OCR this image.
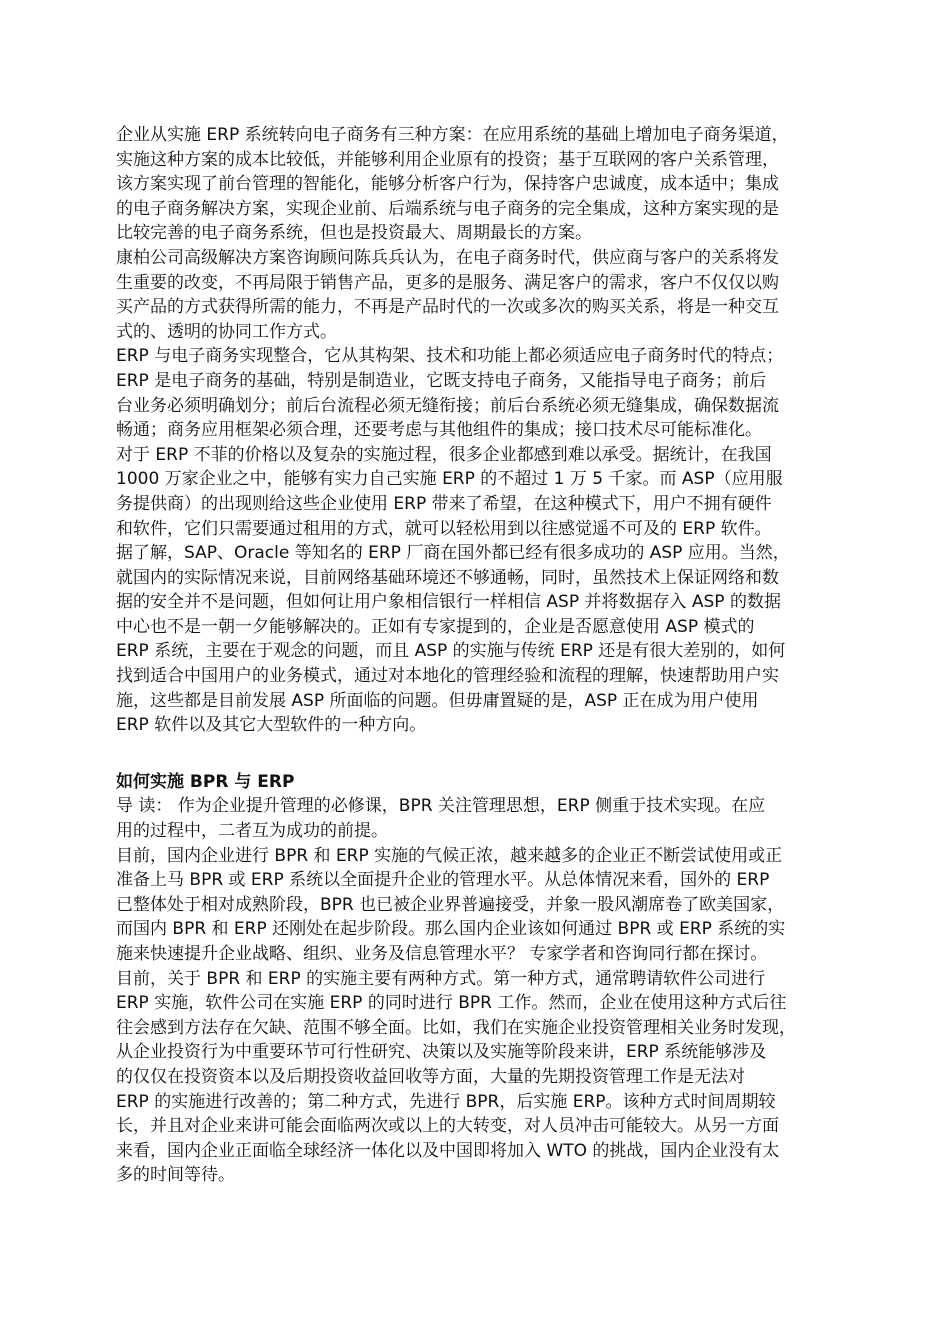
企业从实施 ERP 系统转向电子商务有三种方案：在应用系统的基础上增加电子商务渠道，
实施这种方案的成本比较低，并能够利用企业原有的投资；基于互联网的客户关系管理，
该方案实现了前台管理的智能化，能够分析客户行为，保持客户忠诚度，成本适中；集成
的电子商务解决方案，实现企业前、后端系统与电子商务的完全集成，这种方案实现的是
比较完善的电子商务系统，但也是投资最大、周期最长的方案。

康柏公司高级解决方案咨询顾问陈兵兵认为，在电子商务时代，供应商与客户的关系将发
生重要的改变，不再局限于销售产品，更多的是服务、满足客户的需求，客户不仅仅以购
买产品的方式获得所需的能力，不再是产品时代的一次或多次的购买关系，将是一种交互
式的、透明的协同工作方式。

ERP 与电子商务实现整合，它从其构架、技术和功能上都必须适应电子商务时代的特点；
ERP 是电子商务的基础，特别是制造业，它既支持电子商务，又能指导电子商务；前后
台业务必须明确划分；前后台流程必须无缝衔接；前后台系统必须无缝集成，确保数据流
畅通；商务应用框架必须合理，还要考虑与其他组件的集成；接口技术尽可能标准化。

对于 ERP 不菲的价格以及复杂的实施过程，很多企业都感到难以承受。据统计，在我国
1000 万家企业之中，能够有实力自己实施 ERP 的不超过 1 万 5 千家。而 ASP（应用服
务提供商）的出现则给这些企业使用 ERP 带来了希望，在这种模式下，用户不拥有硬件
和软件，它们只需要通过租用的方式，就可以轻松用到以往感觉遥不可及的 ERP 软件。

据了解，SAP、Oracle 等知名的 ERP 厂商在国外都已经有很多成功的 ASP 应用。当然，
就国内的实际情况来说，目前网络基础环境还不够通畅，同时，虽然技术上保证网络和数
据的安全并不是问题，但如何让用户象相信银行一样相信 ASP 并将数据存入 ASP 的数据
中心也不是一朝一夕能够解决的。正如有专家提到的，企业是否愿意使用 ASP 模式的
ERP 系统，主要在于观念的问题，而且 ASP 的实施与传统 ERP 还是有很大差别的，如何
找到适合中国用户的业务模式，通过对本地化的管理经验和流程的理解，快速帮助用户实
施，这些都是目前发展 ASP 所面临的问题。但毋庸置疑的是，ASP 正在成为用户使用
ERP 软件以及其它大型软件的一种方向。

如何实施 BPR 与 ERP

导 读： 作为企业提升管理的必修课，BPR 关注管理思想，ERP 侧重于技术实现。在应
用的过程中，二者互为成功的前提。

目前，国内企业进行 BPR 和 ERP 实施的气候正浓，越来越多的企业正不断尝试使用或正
准备上马 BPR 或 ERP 系统以全面提升企业的管理水平。从总体情况来看，国外的 ERP
已整体处于相对成熟阶段，BPR 也已被企业界普遍接受，并象一股风潮席卷了欧美国家，
而国内 BPR 和 ERP 还刚处在起步阶段。那么国内企业该如何通过 BPR 或 ERP 系统的实
施来快速提升企业战略、组织、业务及信息管理水平？ 专家学者和咨询同行都在探讨。

目前，关于 BPR 和 ERP 的实施主要有两种方式。第一种方式，通常聘请软件公司进行
ERP 实施，软件公司在实施 ERP 的同时进行 BPR 工作。然而，企业在使用这种方式后往
往会感到方法存在欠缺、范围不够全面。比如，我们在实施企业投资管理相关业务时发现，
从企业投资行为中重要环节可行性研究、决策以及实施等阶段来讲，ERP 系统能够涉及
的仅仅在投资资本以及后期投资收益回收等方面，大量的先期投资管理工作是无法对
ERP 的实施进行改善的；第二种方式，先进行 BPR，后实施 ERP。该种方式时间周期较
长，并且对企业来讲可能会面临两次或以上的大转变，对人员冲击可能较大。从另一方面
来看，国内企业正面临全球经济一体化以及中国即将加入 WTO 的挑战，国内企业没有太
多的时间等待。
